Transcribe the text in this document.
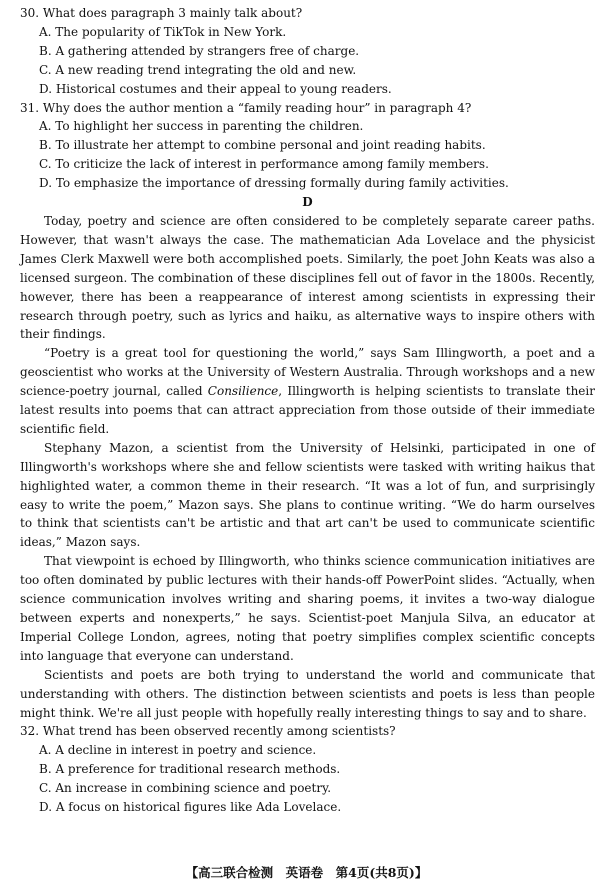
30. What does paragraph 3 mainly talk about?

A. The popularity of TikTok in New York.

B. A gathering attended by strangers free of charge.

C. A new reading trend integrating the old and new.

D. Historical costumes and their appeal to young readers.

31. Why does the author mention a “family reading hour” in paragraph 4?

A. To highlight her success in parenting the children.

B. To illustrate her attempt to combine personal and joint reading habits.

C. To criticize the lack of interest in performance among family members.

D. To emphasize the importance of dressing formally during family activities.

D

Today, poetry and science are often considered to be completely separate career paths. However, that wasn't always the case. The mathematician Ada Lovelace and the physicist James Clerk Maxwell were both accomplished poets. Similarly, the poet John Keats was also a licensed surgeon. The combination of these disciplines fell out of favor in the 1800s. Recently, however, there has been a reappearance of interest among scientists in expressing their research through poetry, such as lyrics and haiku, as alternative ways to inspire others with their findings.

“Poetry is a great tool for questioning the world,” says Sam Illingworth, a poet and a geoscientist who works at the University of Western Australia. Through workshops and a new science-poetry journal, called Consilience, Illingworth is helping scientists to translate their latest results into poems that can attract appreciation from those outside of their immediate scientific field.

Stephany Mazon, a scientist from the University of Helsinki, participated in one of Illingworth's workshops where she and fellow scientists were tasked with writing haikus that highlighted water, a common theme in their research. “It was a lot of fun, and surprisingly easy to write the poem,” Mazon says. She plans to continue writing. “We do harm ourselves to think that scientists can't be artistic and that art can't be used to communicate scientific ideas,” Mazon says.

That viewpoint is echoed by Illingworth, who thinks science communication initiatives are too often dominated by public lectures with their hands-off PowerPoint slides. “Actually, when science communication involves writing and sharing poems, it invites a two-way dialogue between experts and nonexperts,” he says. Scientist-poet Manjula Silva, an educator at Imperial College London, agrees, noting that poetry simplifies complex scientific concepts into language that everyone can understand.

Scientists and poets are both trying to understand the world and communicate that understanding with others. The distinction between scientists and poets is less than people might think. We're all just people with hopefully really interesting things to say and to share.

32. What trend has been observed recently among scientists?

A. A decline in interest in poetry and science.

B. A preference for traditional research methods.

C. An increase in combining science and poetry.

D. A focus on historical figures like Ada Lovelace.

【高三联合检测　英语卷　第4页(共8页)】
